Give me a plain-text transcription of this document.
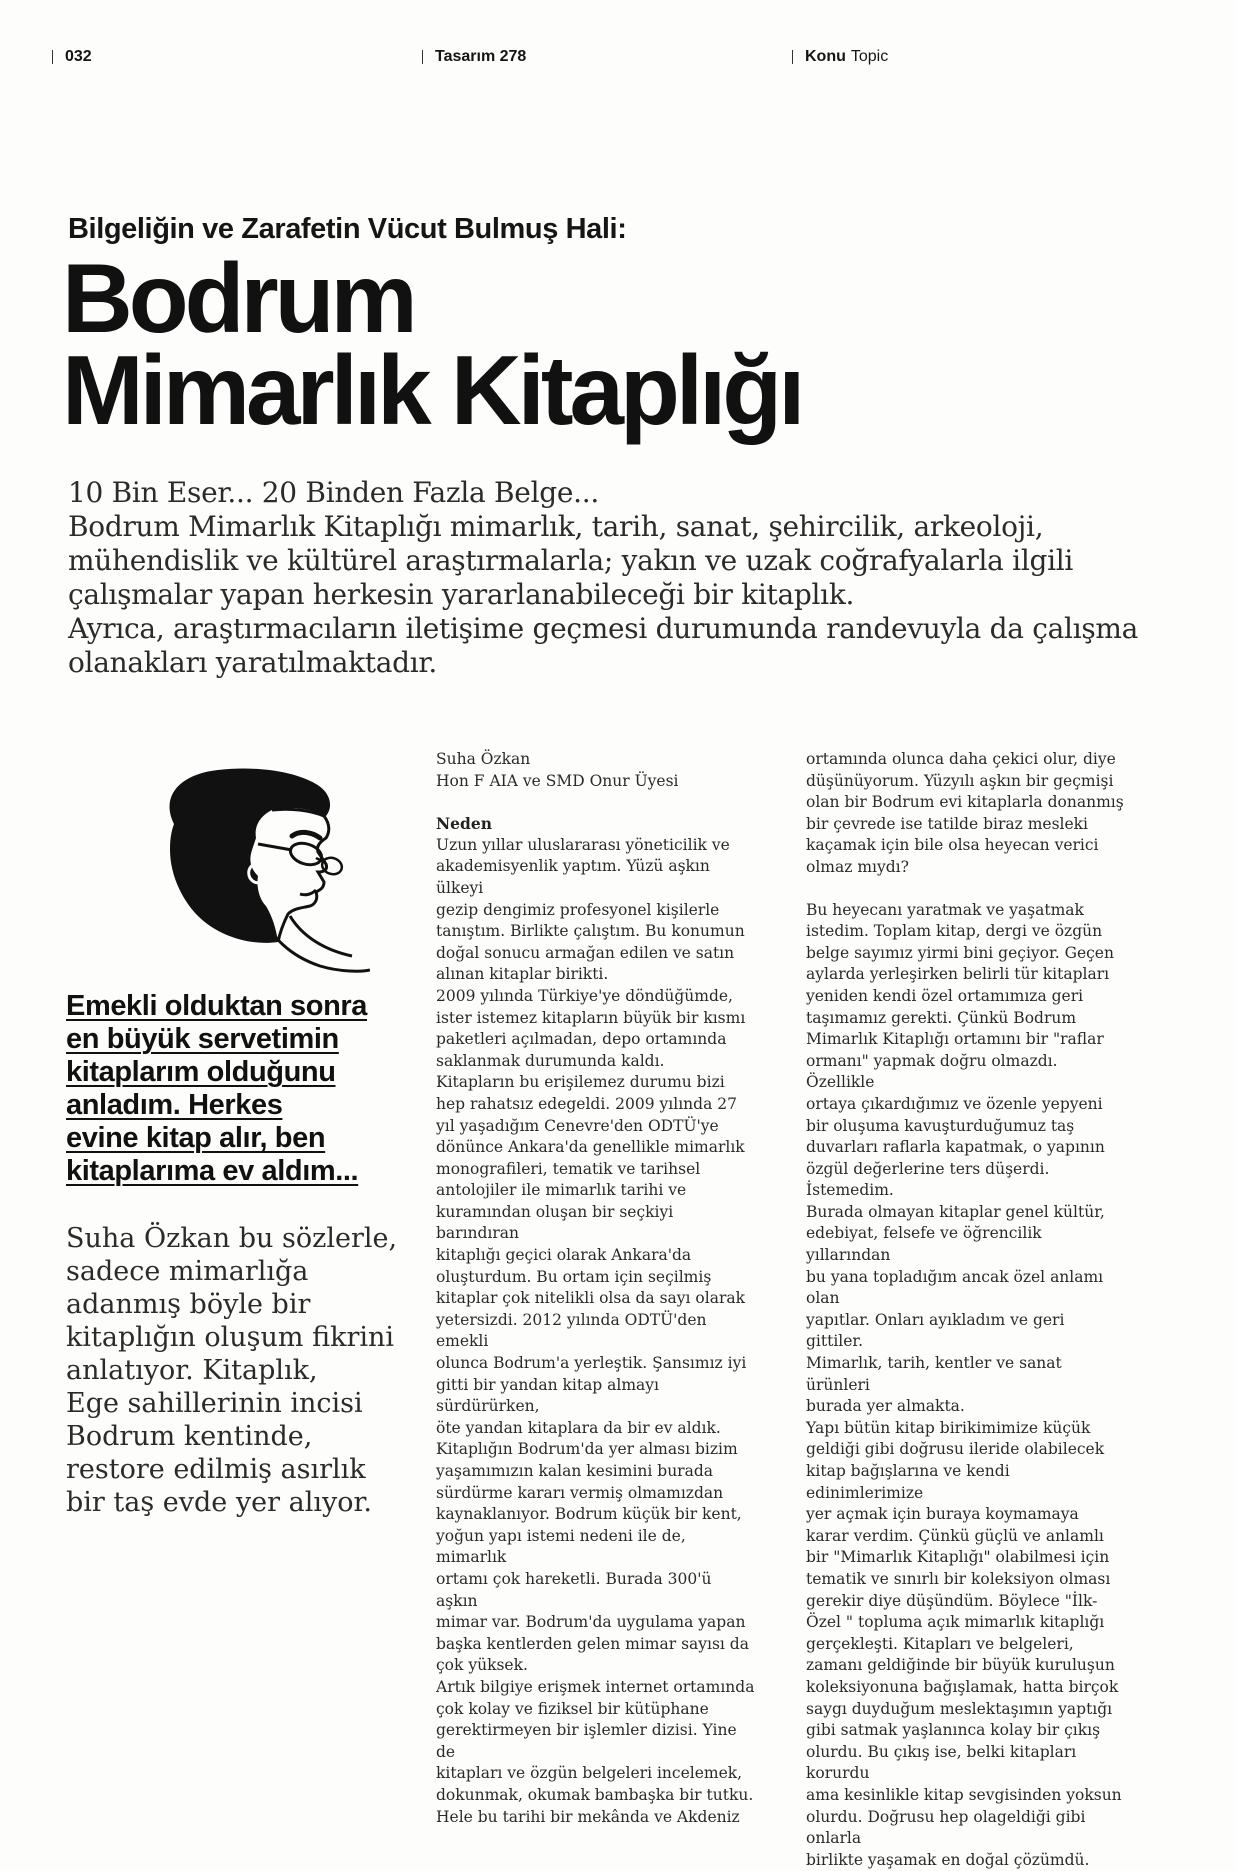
032	Tasarım 278	Konu Topic
Bilgeliğin ve Zarafetin Vücut Bulmuş Hali:
Bodrum
Mimarlık Kitaplığı

10 Bin Eser... 20 Binden Fazla Belge...

Bodrum Mimarlık Kitaplığı mimarlık, tarih, sanat, şehircilik, arkeoloji,

mühendislik ve kültürel araştırmalarla; yakın ve uzak coğrafyalarla ilgili

çalışmalar yapan herkesin yararlanabileceği bir kitaplık.

Ayrıca, araştırmacıların iletişime geçmesi durumunda randevuyla da çalışma

olanakları yaratılmaktadır.

Emekli olduktan sonra
en büyük servetimin
kitaplarım olduğunu
anladım. Herkes
evine kitap alır, ben
kitaplarıma ev aldım...
Suha Özkan bu sözlerle,
sadece mimarlığa
adanmış böyle bir
kitaplığın oluşum fikrini
anlatıyor. Kitaplık,
Ege sahillerinin incisi
Bodrum kentinde,
restore edilmiş asırlık
bir taş evde yer alıyor.

Suha Özkan

Hon F AIA ve SMD Onur Üyesi

Neden

Uzun yıllar uluslararası yöneticilik ve
akademisyenlik yaptım. Yüzü aşkın ülkeyi
gezip dengimiz profesyonel kişilerle
tanıştım. Birlikte çalıştım. Bu konumun
doğal sonucu armağan edilen ve satın
alınan kitaplar birikti.

2009 yılında Türkiye'ye döndüğümde,
ister istemez kitapların büyük bir kısmı
paketleri açılmadan, depo ortamında
saklanmak durumunda kaldı.

Kitapların bu erişilemez durumu bizi
hep rahatsız edegeldi. 2009 yılında 27
yıl yaşadığım Cenevre'den ODTÜ'ye
dönünce Ankara'da genellikle mimarlık
monografileri, tematik ve tarihsel
antolojiler ile mimarlık tarihi ve
kuramından oluşan bir seçkiyi barındıran
kitaplığı geçici olarak Ankara'da
oluşturdum. Bu ortam için seçilmiş
kitaplar çok nitelikli olsa da sayı olarak
yetersizdi. 2012 yılında ODTÜ'den emekli
olunca Bodrum'a yerleştik. Şansımız iyi
gitti bir yandan kitap almayı sürdürürken,
öte yandan kitaplara da bir ev aldık.

Kitaplığın Bodrum'da yer alması bizim
yaşamımızın kalan kesimini burada
sürdürme kararı vermiş olmamızdan
kaynaklanıyor. Bodrum küçük bir kent,
yoğun yapı istemi nedeni ile de, mimarlık
ortamı çok hareketli. Burada 300'ü aşkın
mimar var. Bodrum'da uygulama yapan
başka kentlerden gelen mimar sayısı da
çok yüksek.

Artık bilgiye erişmek internet ortamında
çok kolay ve fiziksel bir kütüphane
gerektirmeyen bir işlemler dizisi. Yine de
kitapları ve özgün belgeleri incelemek,
dokunmak, okumak bambaşka bir tutku.
Hele bu tarihi bir mekânda ve Akdeniz

ortamında olunca daha çekici olur, diye
düşünüyorum. Yüzyılı aşkın bir geçmişi
olan bir Bodrum evi kitaplarla donanmış
bir çevrede ise tatilde biraz mesleki
kaçamak için bile olsa heyecan verici
olmaz mıydı?

Bu heyecanı yaratmak ve yaşatmak
istedim. Toplam kitap, dergi ve özgün
belge sayımız yirmi bini geçiyor. Geçen
aylarda yerleşirken belirli tür kitapları
yeniden kendi özel ortamımıza geri
taşımamız gerekti. Çünkü Bodrum
Mimarlık Kitaplığı ortamını bir "raflar
ormanı" yapmak doğru olmazdı. Özellikle
ortaya çıkardığımız ve özenle yepyeni
bir oluşuma kavuşturduğumuz taş
duvarları raflarla kapatmak, o yapının
özgül değerlerine ters düşerdi. İstemedim.
Burada olmayan kitaplar genel kültür,
edebiyat, felsefe ve öğrencilik yıllarından
bu yana topladığım ancak özel anlamı olan
yapıtlar. Onları ayıkladım ve geri gittiler.
Mimarlık, tarih, kentler ve sanat ürünleri
burada yer almakta.

Yapı bütün kitap birikimimize küçük
geldiği gibi doğrusu ileride olabilecek
kitap bağışlarına ve kendi edinimlerimize
yer açmak için buraya koymamaya
karar verdim. Çünkü güçlü ve anlamlı
bir "Mimarlık Kitaplığı" olabilmesi için
tematik ve sınırlı bir koleksiyon olması
gerekir diye düşündüm. Böylece "İlk-
Özel " topluma açık mimarlık kitaplığı
gerçekleşti. Kitapları ve belgeleri,
zamanı geldiğinde bir büyük kuruluşun
koleksiyonuna bağışlamak, hatta birçok
saygı duyduğum meslektaşımın yaptığı
gibi satmak yaşlanınca kolay bir çıkış
olurdu. Bu çıkış ise, belki kitapları korurdu
ama kesinlikle kitap sevgisinden yoksun
olurdu. Doğrusu hep olageldiği gibi onlarla
birlikte yaşamak en doğal çözümdü.
